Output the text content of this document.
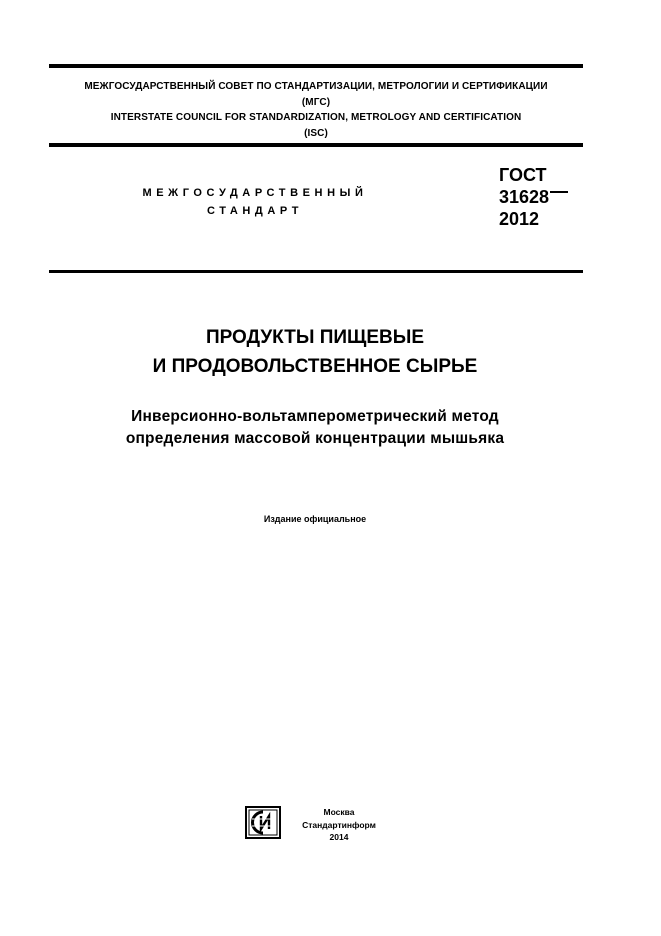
МЕЖГОСУДАРСТВЕННЫЙ СОВЕТ ПО СТАНДАРТИЗАЦИИ, МЕТРОЛОГИИ И СЕРТИФИКАЦИИ
(МГС)
INTERSTATE COUNCIL FOR STANDARDIZATION, METROLOGY AND CERTIFICATION
(ISC)
МЕЖГОСУДАРСТВЕННЫЙ
СТАНДАРТ
ГОСТ
31628
2012
ПРОДУКТЫ ПИЩЕВЫЕ
И ПРОДОВОЛЬСТВЕННОЕ СЫРЬЕ
Инверсионно-вольтамперометрический метод
определения массовой концентрации мышьяка
Издание официальное
Москва
Стандартинформ
2014
